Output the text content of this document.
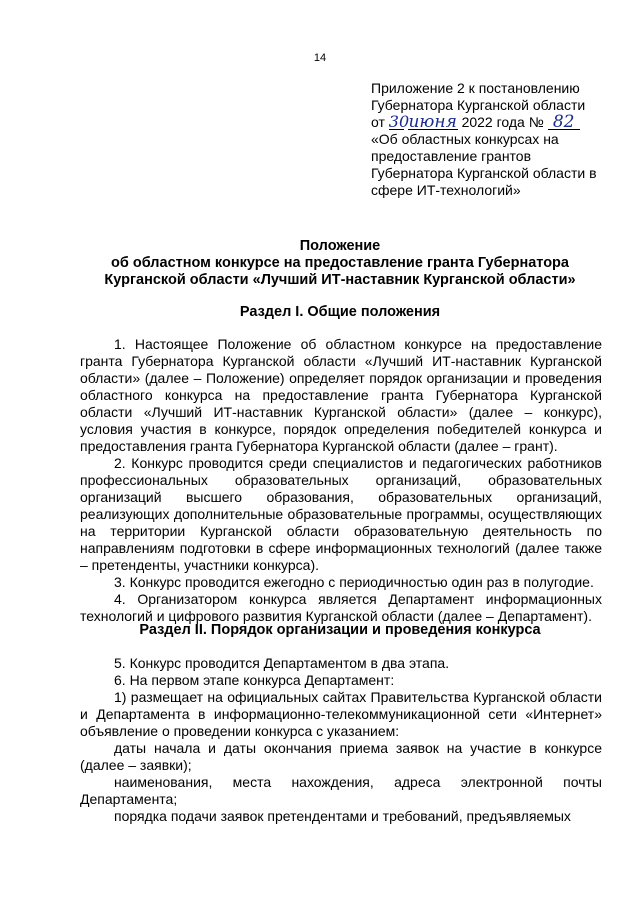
14
Приложение 2 к постановлению
Губернатора Курганской области
от 30 июня 2022 года № 82
«Об областных конкурсах на
предоставление грантов
Губернатора Курганской области в
сфере ИТ-технологий»
Положение
об областном конкурсе на предоставление гранта Губернатора
Курганской области «Лучший ИТ-наставник Курганской области»
Раздел I. Общие положения

1. Настоящее Положение об областном конкурсе на предоставление гранта Губернатора Курганской области «Лучший ИТ-наставник Курганской области» (далее – Положение) определяет порядок организации и проведения областного конкурса на предоставление гранта Губернатора Курганской области «Лучший ИТ-наставник Курганской области» (далее – конкурс), условия участия в конкурсе, порядок определения победителей конкурса и предоставления гранта Губернатора Курганской области (далее – грант).

2. Конкурс проводится среди специалистов и педагогических работников профессиональных образовательных организаций, образовательных организаций высшего образования, образовательных организаций, реализующих дополнительные образовательные программы, осуществляющих на территории Курганской области образовательную деятельность по направлениям подготовки в сфере информационных технологий (далее также – претенденты, участники конкурса).

3. Конкурс проводится ежегодно с периодичностью один раз в полугодие.

4. Организатором конкурса является Департамент информационных технологий и цифрового развития Курганской области (далее – Департамент).

Раздел II. Порядок организации и проведения конкурса

5. Конкурс проводится Департаментом в два этапа.

6. На первом этапе конкурса Департамент:

1) размещает на официальных сайтах Правительства Курганской области и Департамента в информационно-телекоммуникационной сети «Интернет» объявление о проведении конкурса с указанием:

даты начала и даты окончания приема заявок на участие в конкурсе (далее – заявки);

наименования, места нахождения, адреса электронной почты Департамента;

порядка подачи заявок претендентами и требований, предъявляемых
